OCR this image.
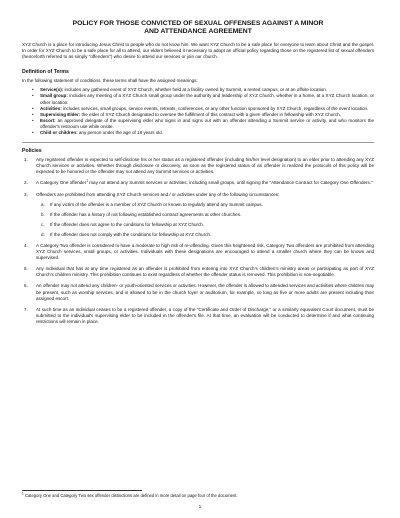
POLICY FOR THOSE CONVICTED OF SEXUAL OFFENSES AGAINST A MINOR
AND ATTENDANCE AGREEMENT

XYZ Church is a place for introducing Jesus Christ to people who do not know him. We want XYZ Church to be a safe place for everyone to learn about Christ and the gospel. In order for XYZ Church to be a safe place for all to attend, our elders believed it necessary to adopt an official policy regarding those on the registered list of sexual offenders (henceforth referred to as simply "offenders") who desire to attend our services or join our church.

Definition of Terms

In the following statement of conditions, these terms shall have the assigned meanings:

• Service(s): includes any gathered event of XYZ Church, whether held at a facility owned by Summit, a rented campus, or at an offsite location.
• Small group: includes any meeting of a XYZ Church small group under the authority and leadership of XYZ Church, whether in a home, at a XYZ Church location, or other location.
• Activities: includes services, small groups, service events, retreats, conferences, or any other function sponsored by XYZ Church, regardless of the event location.
• Supervising Elder: the elder of XYZ Church designated to oversee the fulfillment of this contract with a given offender in fellowship with XYZ Church.
• Escort: an approved delegate of the supervising elder who signs in and signs out with an offender attending a Summit service or activity, and who monitors the offender's restroom use while onsite.
• Child or children: any person under the age of 18 years old.
Policies
1. Any registered offender is expected to self-disclose his or her status as a registered offender (including his/her level designation) to an elder prior to attending any XYZ Church services or activities. Whether through disclosure or discovery, as soon as the registered status of an offender is realized the protocols of this policy will be expected to be honored or the offender may not attend any Summit services or activities.
2. A Category One offender$^1$ may not attend any Summit services or activities, including small groups, until signing the "Attendance Contract for Category One Offenders."
3. Offenders are prohibited from attending XYZ Church services and / or activities under any of the following circumstances:
a. If any victim of the offender is a member of XYZ Church or known to regularly attend any Summit campus.
b. If the offender has a history of not following established contract agreements at other churches.
c. If the offender does not agree to the conditions for fellowship at XYZ Church.
d. If the offender does not comply with the conditions for fellowship at XYZ Church.
4. A Category Two offender is considered to have a moderate to high risk of re-offending. Given this heightened risk, Category Two offenders are prohibited from attending XYZ Church services, small groups, or activities. Individuals with these designations are encouraged to attend a smaller church where they can be known and supervised.
5. Any individual that has at any time registered as an offender is prohibited from entering into XYZ Church's children's ministry areas or participating as part of XYZ Church's children ministry. This prohibition continues to exist regardless of whether the offender status is removed. This prohibition is non-negotiable.
6. An offender may not attend any children- or youth-oriented services or activities. However, the offender is allowed to attended services and activities where children may be present, such as worship services, and is allowed to be in the church foyer or auditorium, for example, so long as five or more adults are present including their assigned escort.
7. At such time as an individual ceases to be a registered offender, a copy of the "Certificate and Order of Discharge," or a similarly equivalent Court document, must be submitted to the individual's supervising elder to be included in the offender's file. At that time, an evaluation will be conducted to determine if and what continuing restrictions will remain in place.
$^1$ Category One and Category Two sex offender distinctions are defined in more detail on page four of the document.
1
